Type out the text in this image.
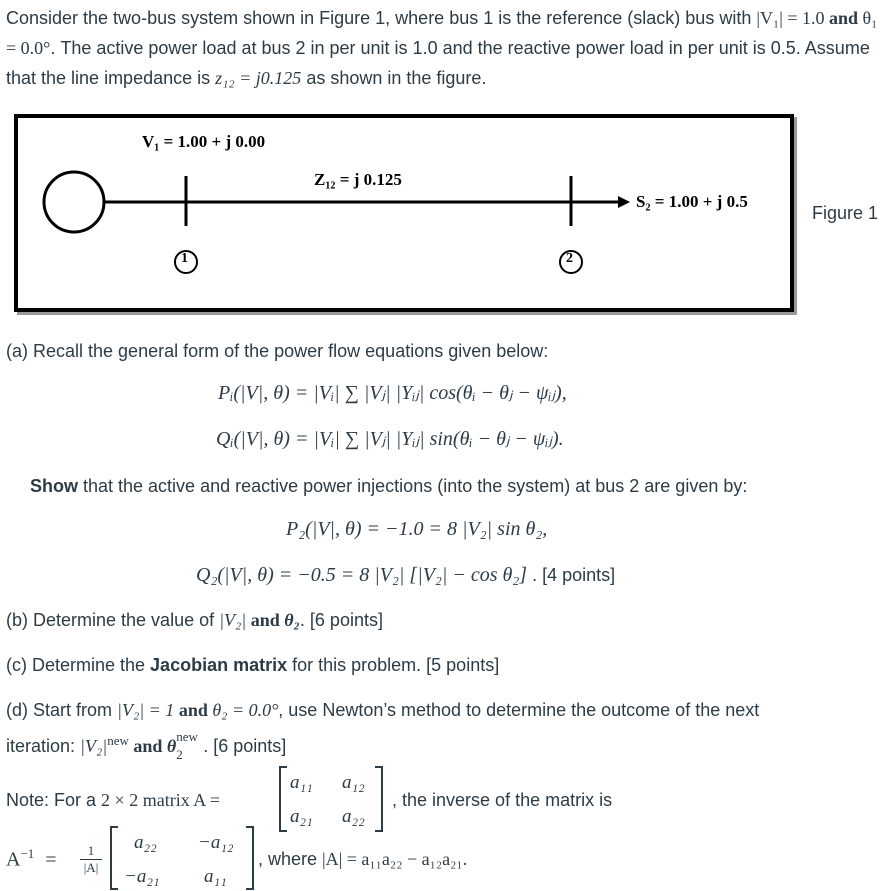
Consider the two-bus system shown in Figure 1, where bus 1 is the reference (slack) bus with |V₁| = 1.0 and θ₁ = 0.0°. The active power load at bus 2 in per unit is 1.0 and the reactive power load in per unit is 0.5. Assume that the line impedance is z₁₂ = j0.125 as shown in the figure.
V₁ = 1.00 + j 0.00
Z₁₂ = j 0.125
S₂ = 1.00 + j 0.5
1	2
Figure 1
(a) Recall the general form of the power flow equations given below:
Pᵢ(|V|, θ) = |Vᵢ| ∑ |Vⱼ| |Yᵢⱼ| cos(θᵢ − θⱼ − ψᵢⱼ),
Qᵢ(|V|, θ) = |Vᵢ| ∑ |Vⱼ| |Yᵢⱼ| sin(θᵢ − θⱼ − ψᵢⱼ).
Show that the active and reactive power injections (into the system) at bus 2 are given by:
P₂(|V|, θ) = −1.0 = 8 |V₂| sin θ₂,
Q₂(|V|, θ) = −0.5 = 8 |V₂| [|V₂| − cos θ₂] . [4 points]
(b) Determine the value of |V₂| and θ₂. [6 points]
(c) Determine the Jacobian matrix for this problem. [5 points]
(d) Start from |V₂| = 1 and θ₂ = 0.0°, use Newton’s method to determine the outcome of the next
iteration: $|V_2|^{new}$ and θ new
2 . [6 points]
Note: For a 2 × 2 matrix A =
a₁₁ a₁₂
a₂₁ a₂₂
, the inverse of the matrix is
$A^{-1} = \frac{1}{|A|}$
a₂₂ −a₁₂
−a₂₁ a₁₁
, where |A| = a₁₁a₂₂ − a₁₂a₂₁.
